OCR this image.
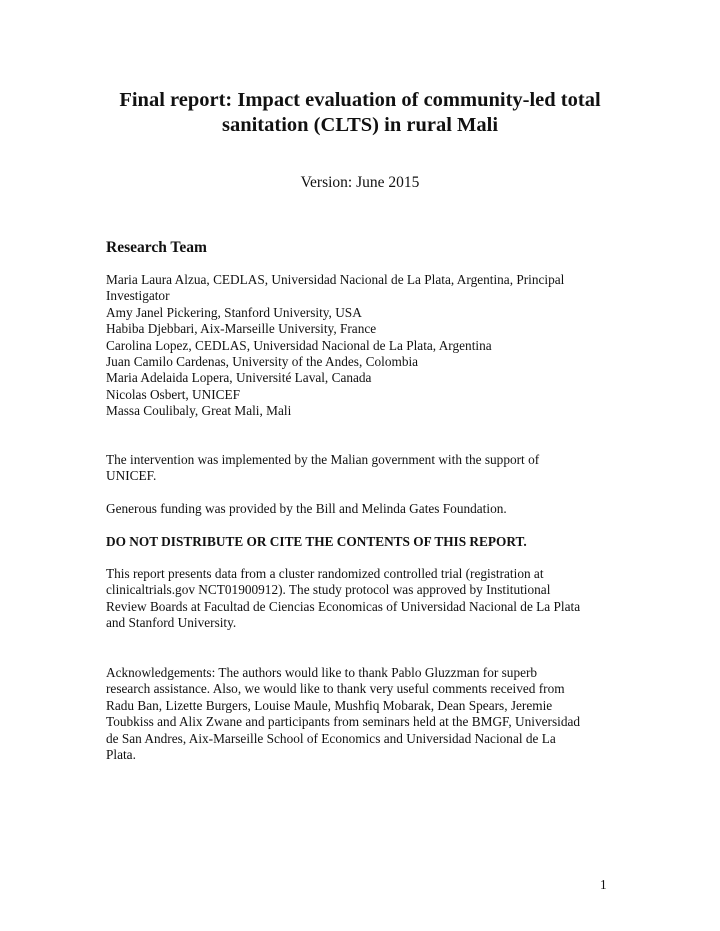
Final report: Impact evaluation of community-led total
sanitation (CLTS) in rural Mali
Version: June 2015
Research Team
Maria Laura Alzua, CEDLAS, Universidad Nacional de La Plata, Argentina, Principal
Investigator
Amy Janel Pickering, Stanford University, USA
Habiba Djebbari, Aix-Marseille University, France
Carolina Lopez, CEDLAS, Universidad Nacional de La Plata, Argentina
Juan Camilo Cardenas, University of the Andes, Colombia
Maria Adelaida Lopera, Université Laval, Canada
Nicolas Osbert, UNICEF
Massa Coulibaly, Great Mali, Mali
The intervention was implemented by the Malian government with the support of
UNICEF.
Generous funding was provided by the Bill and Melinda Gates Foundation.
DO NOT DISTRIBUTE OR CITE THE CONTENTS OF THIS REPORT.
This report presents data from a cluster randomized controlled trial (registration at
clinicaltrials.gov NCT01900912). The study protocol was approved by Institutional
Review Boards at Facultad de Ciencias Economicas of Universidad Nacional de La Plata
and Stanford University.
Acknowledgements: The authors would like to thank Pablo Gluzzman for superb
research assistance. Also, we would like to thank very useful comments received from
Radu Ban, Lizette Burgers, Louise Maule, Mushfiq Mobarak, Dean Spears, Jeremie
Toubkiss and Alix Zwane and participants from seminars held at the BMGF, Universidad
de San Andres, Aix-Marseille School of Economics and Universidad Nacional de La
Plata.
1
